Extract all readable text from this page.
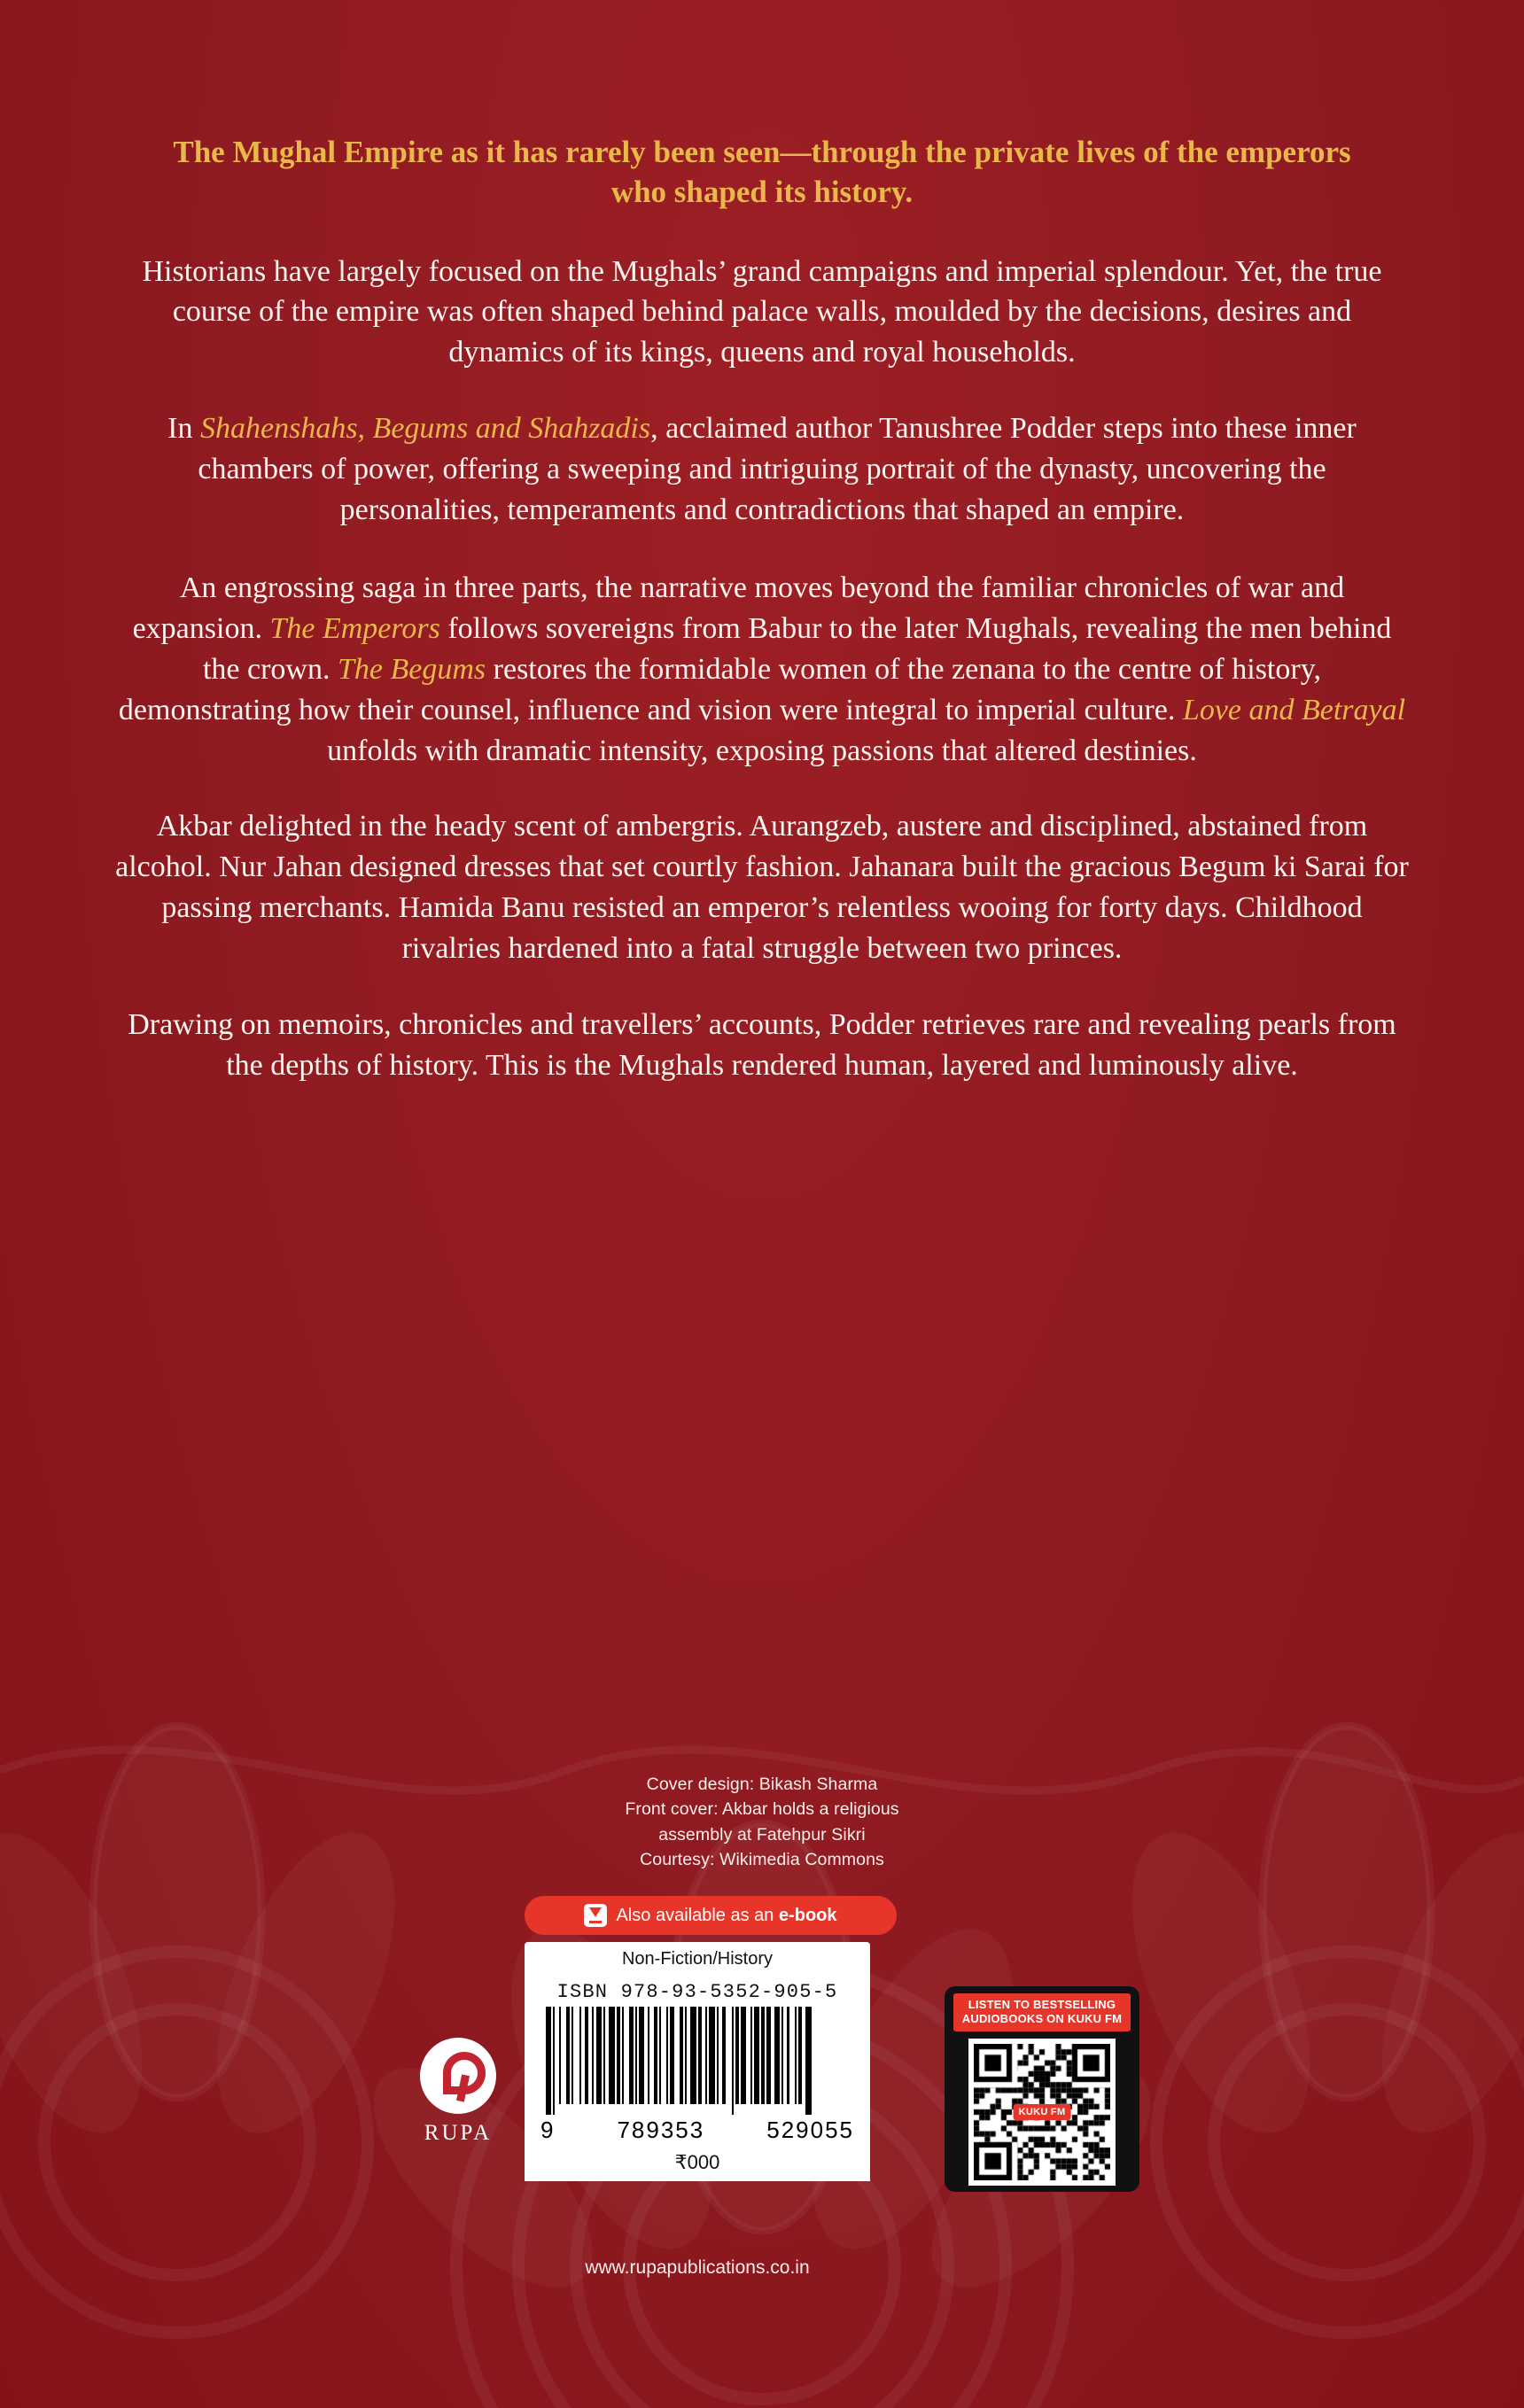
The Mughal Empire as it has rarely been seen—through the private lives of the emperors who shaped its history.

Historians have largely focused on the Mughals’ grand campaigns and imperial splendour. Yet, the true course of the empire was often shaped behind palace walls, moulded by the decisions, desires and dynamics of its kings, queens and royal households.

In Shahenshahs, Begums and Shahzadis, acclaimed author Tanushree Podder steps into these inner chambers of power, offering a sweeping and intriguing portrait of the dynasty, uncovering the personalities, temperaments and contradictions that shaped an empire.

An engrossing saga in three parts, the narrative moves beyond the familiar chronicles of war and expansion. The Emperors follows sovereigns from Babur to the later Mughals, revealing the men behind the crown. The Begums restores the formidable women of the zenana to the centre of history, demonstrating how their counsel, influence and vision were integral to imperial culture. Love and Betrayal unfolds with dramatic intensity, exposing passions that altered destinies.

Akbar delighted in the heady scent of ambergris. Aurangzeb, austere and disciplined, abstained from alcohol. Nur Jahan designed dresses that set courtly fashion. Jahanara built the gracious Begum ki Sarai for passing merchants. Hamida Banu resisted an emperor’s relentless wooing for forty days. Childhood rivalries hardened into a fatal struggle between two princes.

Drawing on memoirs, chronicles and travellers’ accounts, Podder retrieves rare and revealing pearls from the depths of history. This is the Mughals rendered human, layered and luminously alive.

Cover design: Bikash Sharma
Front cover: Akbar holds a religious
assembly at Fatehpur Sikri
Courtesy: Wikimedia Commons
Also available as an e-book
Non-Fiction/History
ISBN 978-93-5352-905-5
9	789353	529055
₹000
www.rupapublications.co.in
RUPA
LISTEN TO BESTSELLING AUDIOBOOKS ON KUKU FM
KUKU FM
